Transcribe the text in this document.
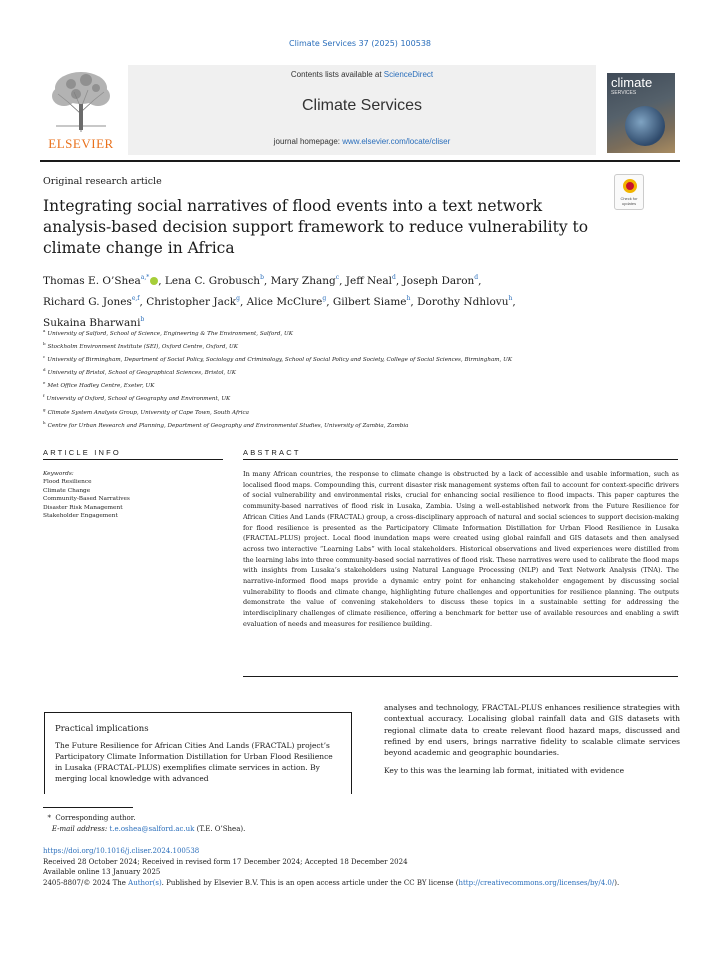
Climate Services 37 (2025) 100538
ELSEVIER
Contents lists available at ScienceDirect
Climate Services
journal homepage: www.elsevier.com/locate/cliser
climate
SERVICES
Original research article
Check for updates
Integrating social narratives of flood events into a text network analysis-based decision support framework to reduce vulnerability to climate change in Africa
Thomas E. O’Shea$^{a,*}$ , Lena C. Grobusch$^b$, Mary Zhang$^c$, Jeff Neal$^d$, Joseph Daron$^d$,
Richard G. Jones$^{e,f}$, Christopher Jack$^g$, Alice McClure$^g$, Gilbert Siame$^h$, Dorothy Ndhlovu$^h$,
Sukaina Bharwani$^b$
$^a$University of Salford, School of Science, Engineering & The Environment, Salford, UK
$^b$Stockholm Environment Institute (SEI), Oxford Centre, Oxford, UK
$^c$University of Birmingham, Department of Social Policy, Sociology and Criminology, School of Social Policy and Society, College of Social Sciences, Birmingham, UK
$^d$University of Bristol, School of Geographical Sciences, Bristol, UK
$^e$Met Office Hadley Centre, Exeter, UK
$^f$University of Oxford, School of Geography and Environment, UK
$^g$Climate System Analysis Group, University of Cape Town, South Africa
$^h$Centre for Urban Research and Planning, Department of Geography and Environmental Studies, University of Zambia, Zambia
ARTICLE INFO
Keywords:
Flood Resilience
Climate Change
Community-Based Narratives
Disaster Risk Management
Stakeholder Engagement
ABSTRACT
In many African countries, the response to climate change is obstructed by a lack of accessible and usable information, such as localised flood maps. Compounding this, current disaster risk management systems often fail to account for context-specific drivers of social vulnerability and environmental risks, crucial for enhancing social resilience to flood impacts. This paper captures the community-based narratives of flood risk in Lusaka, Zambia. Using a well-established network from the Future Resilience for African Cities And Lands (FRACTAL) group, a cross-disciplinary approach of natural and social sciences to support decision-making for flood resilience is presented as the Participatory Climate Information Distillation for Urban Flood Resilience in Lusaka (FRACTAL-PLUS) project. Local flood inundation maps were created using global rainfall and GIS datasets and then analysed across two interactive “Learning Labs” with local stakeholders. Historical observations and lived experiences were distilled from the learning labs into three community-based social narratives of flood risk. These narratives were used to calibrate the flood maps with insights from Lusaka’s stakeholders using Natural Language Processing (NLP) and Text Network Analysis (TNA). The narrative-informed flood maps provide a dynamic entry point for enhancing stakeholder engagement by discussing social vulnerability to floods and climate change, highlighting future challenges and opportunities for resilience planning. The outputs demonstrate the value of convening stakeholders to discuss these topics in a sustainable setting for addressing the interdisciplinary challenges of climate resilience, offering a benchmark for better use of available resources and enabling a swift evaluation of needs and measures for resilience building.
Practical implications
The Future Resilience for African Cities And Lands (FRACTAL) project’s Participatory Climate Information Distillation for Urban Flood Resilience in Lusaka (FRACTAL-PLUS) exemplifies climate services in action. By merging local knowledge with advanced

analyses and technology, FRACTAL-PLUS enhances resilience strategies with contextual accuracy. Localising global rainfall data and GIS datasets with regional climate data to create relevant flood hazard maps, discussed and refined by end users, brings narrative fidelity to scalable climate services beyond academic and geographic boundaries.

Key to this was the learning lab format, initiated with evidence

* Corresponding author.
E-mail address: t.e.oshea@salford.ac.uk (T.E. O’Shea).
https://doi.org/10.1016/j.cliser.2024.100538
Received 28 October 2024; Received in revised form 17 December 2024; Accepted 18 December 2024
Available online 13 January 2025
2405-8807/© 2024 The Author(s). Published by Elsevier B.V. This is an open access article under the CC BY license (http://creativecommons.org/licenses/by/4.0/).
